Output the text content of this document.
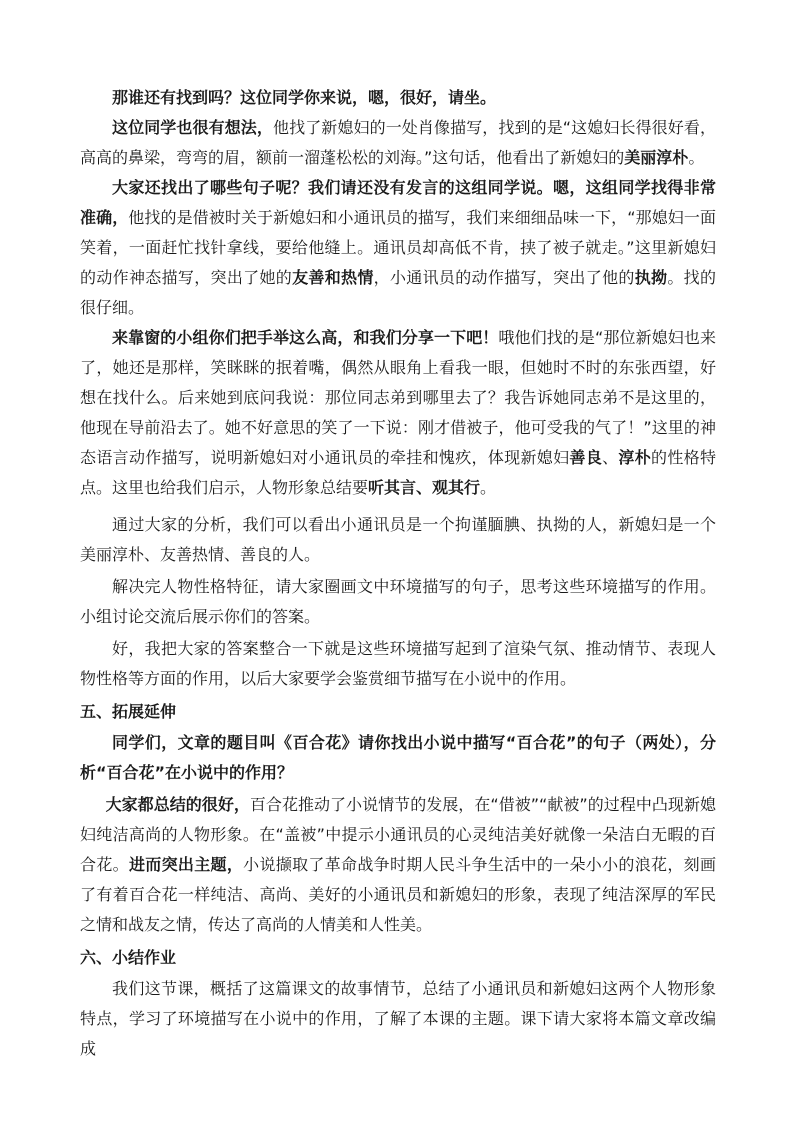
那谁还有找到吗？这位同学你来说，嗯，很好，请坐。

这位同学也很有想法，他找了新媳妇的一处肖像描写，找到的是“这媳妇长得很好看，高高的鼻梁，弯弯的眉，额前一溜蓬松松的刘海。”这句话，他看出了新媳妇的美丽淳朴。

大家还找出了哪些句子呢？我们请还没有发言的这组同学说。嗯，这组同学找得非常准确，他找的是借被时关于新媳妇和小通讯员的描写，我们来细细品味一下，“那媳妇一面笑着，一面赶忙找针拿线，要给他缝上。通讯员却高低不肯，挟了被子就走。”这里新媳妇的动作神态描写，突出了她的友善和热情，小通讯员的动作描写，突出了他的执拗。找的很仔细。

来靠窗的小组你们把手举这么高，和我们分享一下吧！哦他们找的是“那位新媳妇也来了，她还是那样，笑眯眯的抿着嘴，偶然从眼角上看我一眼，但她时不时的东张西望，好想在找什么。后来她到底问我说：那位同志弟到哪里去了？我告诉她同志弟不是这里的，他现在导前沿去了。她不好意思的笑了一下说：刚才借被子，他可受我的气了！”这里的神态语言动作描写，说明新媳妇对小通讯员的牵挂和愧疚，体现新媳妇善良、淳朴的性格特点。这里也给我们启示，人物形象总结要听其言、观其行。

通过大家的分析，我们可以看出小通讯员是一个拘谨腼腆、执拗的人，新媳妇是一个美丽淳朴、友善热情、善良的人。

解决完人物性格特征，请大家圈画文中环境描写的句子，思考这些环境描写的作用。小组讨论交流后展示你们的答案。

好，我把大家的答案整合一下就是这些环境描写起到了渲染气氛、推动情节、表现人物性格等方面的作用，以后大家要学会鉴赏细节描写在小说中的作用。

五、拓展延伸

同学们，文章的题目叫《百合花》请你找出小说中描写“百合花”的句子（两处），分析“百合花”在小说中的作用？

大家都总结的很好，百合花推动了小说情节的发展，在“借被”“献被”的过程中凸现新媳妇纯洁高尚的人物形象。在“盖被”中提示小通讯员的心灵纯洁美好就像一朵洁白无暇的百合花。进而突出主题，小说撷取了革命战争时期人民斗争生活中的一朵小小的浪花，刻画了有着百合花一样纯洁、高尚、美好的小通讯员和新媳妇的形象，表现了纯洁深厚的军民之情和战友之情，传达了高尚的人情美和人性美。

六、小结作业

我们这节课，概括了这篇课文的故事情节，总结了小通讯员和新媳妇这两个人物形象特点，学习了环境描写在小说中的作用，了解了本课的主题。课下请大家将本篇文章改编成
